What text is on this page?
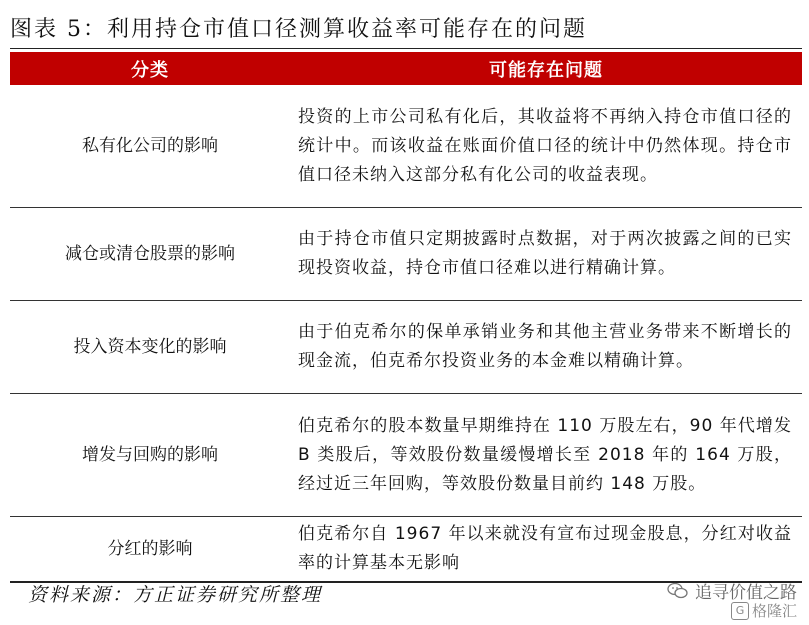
图表 5：利用持仓市值口径测算收益率可能存在的问题
分类	可能存在问题
私有化公司的影响	投资的上市公司私有化后，其收益将不再纳入持仓市值口径的统计中。而该收益在账面价值口径的统计中仍然体现。持仓市值口径未纳入这部分私有化公司的收益表现。
减仓或清仓股票的影响	由于持仓市值只定期披露时点数据，对于两次披露之间的已实现投资收益，持仓市值口径难以进行精确计算。
投入资本变化的影响	由于伯克希尔的保单承销业务和其他主营业务带来不断增长的现金流，伯克希尔投资业务的本金难以精确计算。
增发与回购的影响	伯克希尔的股本数量早期维持在 110 万股左右，90 年代增发 B 类股后，等效股份数量缓慢增长至 2018 年的 164 万股，经过近三年回购，等效股份数量目前约 148 万股。
分红的影响	伯克希尔自 1967 年以来就没有宣布过现金股息，分红对收益率的计算基本无影响
资料来源：方正证券研究所整理	追寻价值之路
G 格隆汇
